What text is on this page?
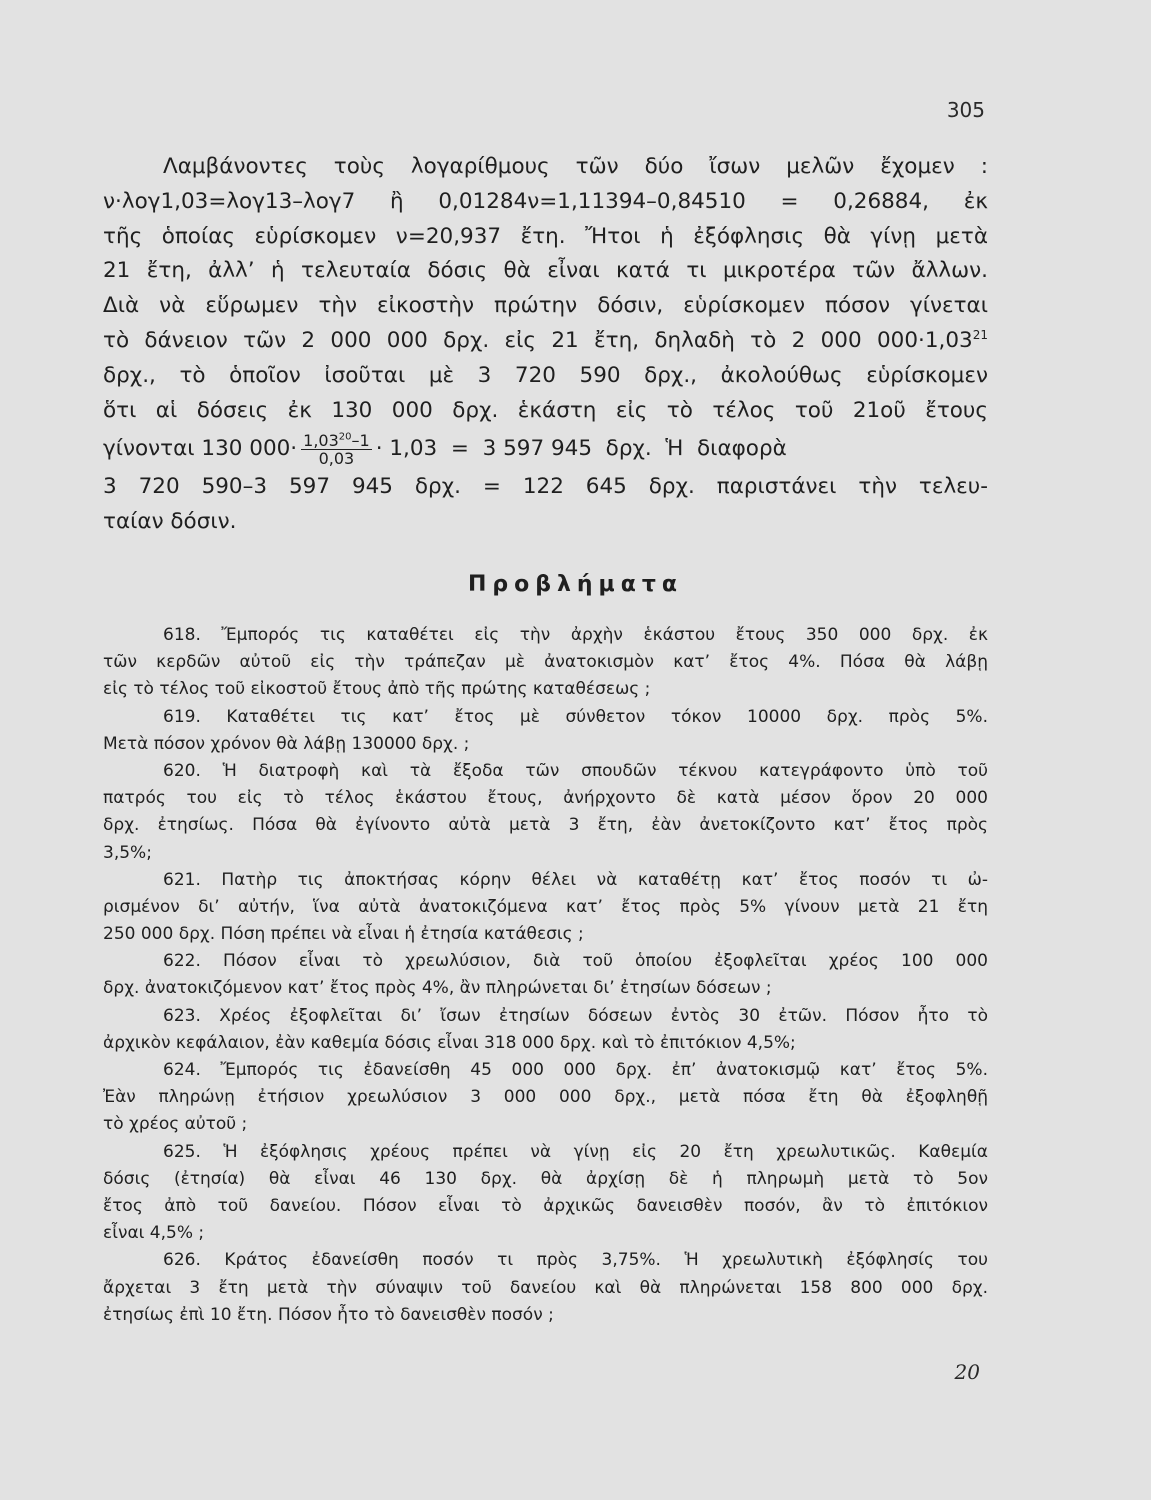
305
Λαμβάνοντες τοὺς λογαρίθμους τῶν δύο ἴσων μελῶν ἔχομεν :
ν·λογ1,03=λογ13–λογ7 ἢ 0,01284ν=1,11394–0,84510 = 0,26884, ἐκ
τῆς ὁποίας εὑρίσκομεν ν=20,937 ἔτη. Ἤτοι ἡ ἐξόφλησις θὰ γίνῃ μετὰ
21 ἔτη, ἀλλ’ ἡ τελευταία δόσις θὰ εἶναι κατά τι μικροτέρα τῶν ἄλλων.
Διὰ νὰ εὕρωμεν τὴν εἰκοστὴν πρώτην δόσιν, εὑρίσκομεν πόσον γίνεται
τὸ δάνειον τῶν 2 000 000 δρχ. εἰς 21 ἔτη, δηλαδὴ τὸ 2 000 $000\cdot 1,03^{21}$
δρχ., τὸ ὁποῖον ἰσοῦται μὲ 3 720 590 δρχ., ἀκολούθως εὑρίσκομεν
ὅτι αἱ δόσεις ἐκ 130 000 δρχ. ἑκάστη εἰς τὸ τέλος τοῦ 21οῦ ἔτους
γίνονται 130 $000\cdot \frac{1,03^{20}-1}{0,03} \cdot 1,03 = 3$ 597 945  δρχ.  Ἡ  διαφορὰ
3 720 590–3 597 945 δρχ. = 122 645 δρχ. παριστάνει τὴν τελευ-
ταίαν δόσιν.
Προβλήματα
618. Ἔμπορός τις καταθέτει εἰς τὴν ἀρχὴν ἑκάστου ἔτους 350 000 δρχ. ἐκ
τῶν κερδῶν αὐτοῦ εἰς τὴν τράπεζαν μὲ ἀνατοκισμὸν κατ’ ἔτος 4%. Πόσα θὰ λάβῃ
εἰς τὸ τέλος τοῦ εἰκοστοῦ ἔτους ἀπὸ τῆς πρώτης καταθέσεως ;
619. Καταθέτει τις κατ’ ἔτος μὲ σύνθετον τόκον 10000 δρχ. πρὸς 5%.
Μετὰ πόσον χρόνον θὰ λάβῃ 130000 δρχ. ;
620. Ἡ διατροφὴ καὶ τὰ ἔξοδα τῶν σπουδῶν τέκνου κατεγράφοντο ὑπὸ τοῦ
πατρός του εἰς τὸ τέλος ἑκάστου ἔτους, ἀνήρχοντο δὲ κατὰ μέσον ὅρον 20 000
δρχ. ἐτησίως. Πόσα θὰ ἐγίνοντο αὐτὰ μετὰ 3 ἔτη, ἐὰν ἀνετοκίζοντο κατ’ ἔτος πρὸς
3,5%;
621. Πατὴρ τις ἀποκτήσας κόρην θέλει νὰ καταθέτῃ κατ’ ἔτος ποσόν τι ὠ-
ρισμένον δι’ αὐτήν, ἵνα αὐτὰ ἀνατοκιζόμενα κατ’ ἔτος πρὸς 5% γίνουν μετὰ 21 ἔτη
250 000 δρχ. Πόση πρέπει νὰ εἶναι ἡ ἐτησία κατάθεσις ;
622. Πόσον εἶναι τὸ χρεωλύσιον, διὰ τοῦ ὁποίου ἐξοφλεῖται χρέος 100 000
δρχ. ἀνατοκιζόμενον κατ’ ἔτος πρὸς 4%, ἂν πληρώνεται δι’ ἐτησίων δόσεων ;
623. Χρέος ἐξοφλεῖται δι’ ἴσων ἐτησίων δόσεων ἐντὸς 30 ἐτῶν. Πόσον ἦτο τὸ
ἀρχικὸν κεφάλαιον, ἐὰν καθεμία δόσις εἶναι 318 000 δρχ. καὶ τὸ ἐπιτόκιον 4,5%;
624. Ἔμπορός τις ἐδανείσθη 45 000 000 δρχ. ἐπ’ ἀνατοκισμῷ κατ’ ἔτος 5%.
Ἐὰν πληρώνῃ ἐτήσιον χρεωλύσιον 3 000 000 δρχ., μετὰ πόσα ἔτη θὰ ἐξοφληθῇ
τὸ χρέος αὐτοῦ ;
625. Ἡ ἐξόφλησις χρέους πρέπει νὰ γίνῃ εἰς 20 ἔτη χρεωλυτικῶς. Καθεμία
δόσις (ἐτησία) θὰ εἶναι 46 130 δρχ. θὰ ἀρχίσῃ δὲ ἡ πληρωμὴ μετὰ τὸ 5ον
ἔτος ἀπὸ τοῦ δανείου. Πόσον εἶναι τὸ ἀρχικῶς δανεισθὲν ποσόν, ἂν τὸ ἐπιτόκιον
εἶναι 4,5% ;
626. Κράτος ἐδανείσθη ποσόν τι πρὸς 3,75%. Ἡ χρεωλυτικὴ ἐξόφλησίς του
ἄρχεται 3 ἔτη μετὰ τὴν σύναψιν τοῦ δανείου καὶ θὰ πληρώνεται 158 800 000 δρχ.
ἐτησίως ἐπὶ 10 ἔτη. Πόσον ἦτο τὸ δανεισθὲν ποσόν ;
20
